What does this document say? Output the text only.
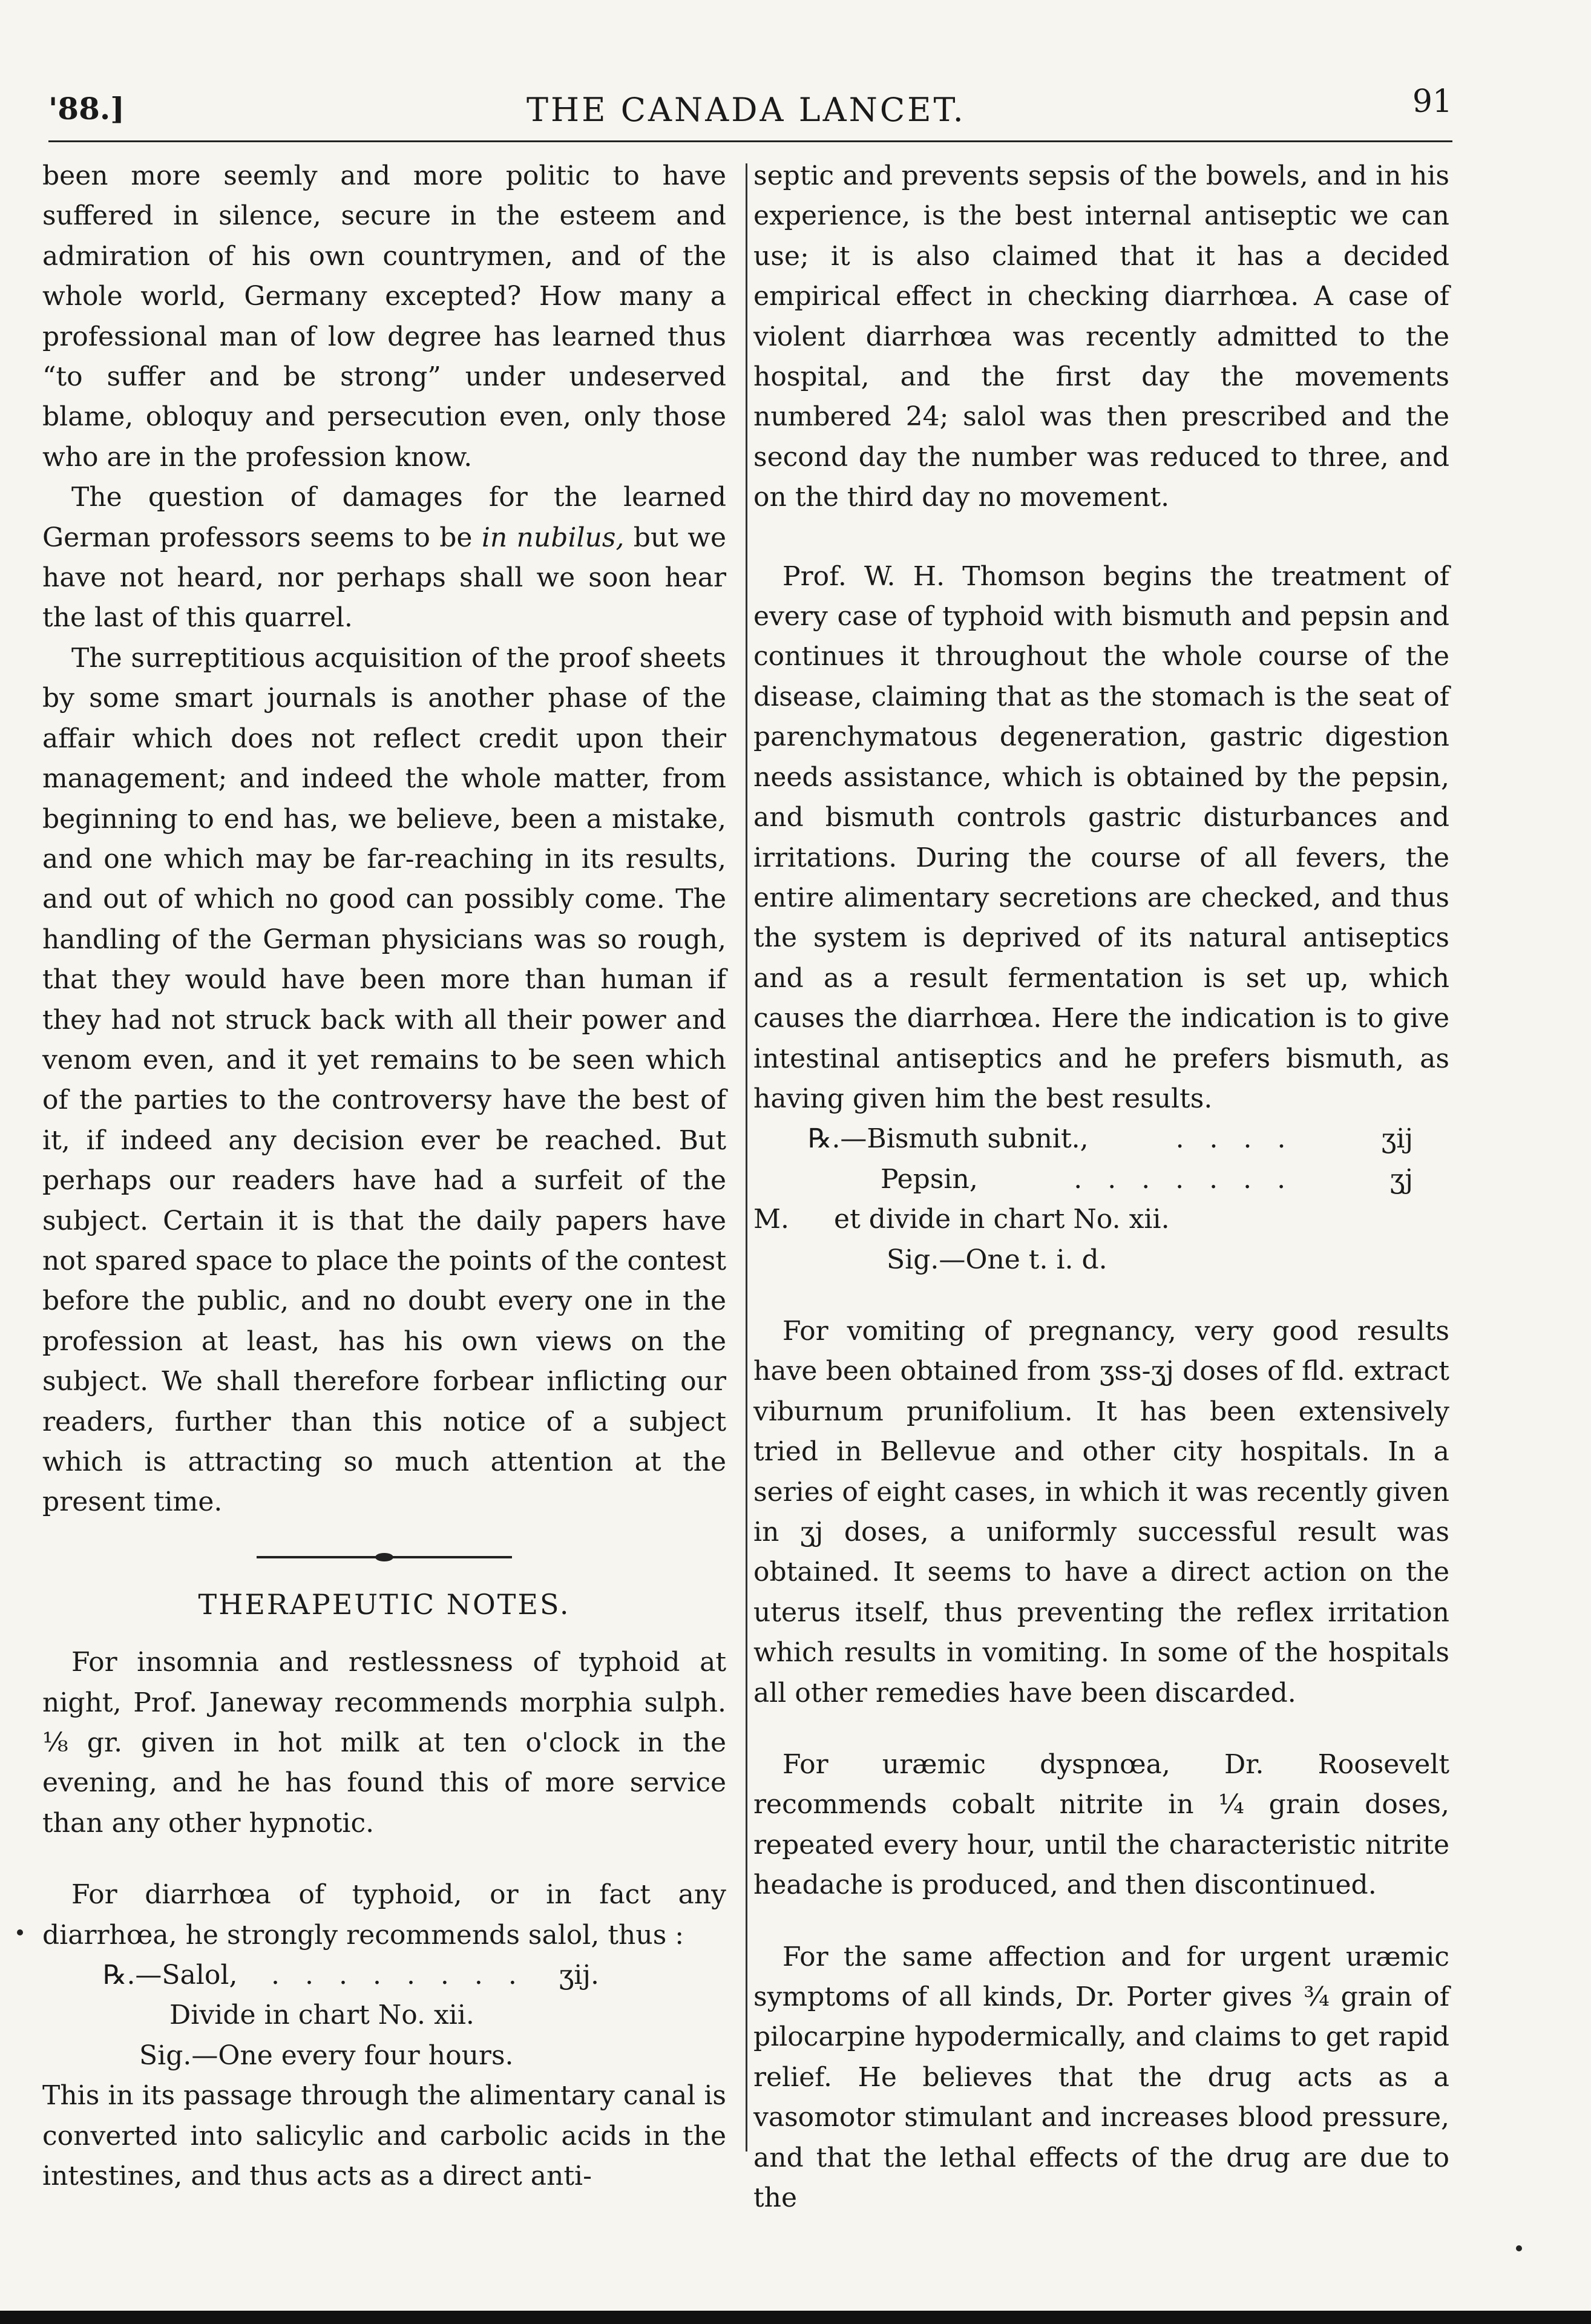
'88.]	THE CANADA LANCET.	91

been more seemly and more politic to have suffered in silence, secure in the esteem and admiration of his own countrymen, and of the whole world, Germany excepted? How many a professional man of low degree has learned thus “to suffer and be strong” under undeserved blame, obloquy and persecution even, only those who are in the profession know.

The question of damages for the learned German professors seems to be in nubilus, but we have not heard, nor perhaps shall we soon hear the last of this quarrel.

The surreptitious acquisition of the proof sheets by some smart journals is another phase of the affair which does not reflect credit upon their management; and indeed the whole matter, from beginning to end has, we believe, been a mistake, and one which may be far-reaching in its results, and out of which no good can possibly come. The handling of the German physicians was so rough, that they would have been more than human if they had not struck back with all their power and venom even, and it yet remains to be seen which of the parties to the controversy have the best of it, if indeed any decision ever be reached. But perhaps our readers have had a surfeit of the subject. Certain it is that the daily papers have not spared space to place the points of the contest before the public, and no doubt every one in the profession at least, has his own views on the subject. We shall therefore forbear inflicting our readers, further than this notice of a subject which is attracting so much attention at the present time.

THERAPEUTIC NOTES.

For insomnia and restlessness of typhoid at night, Prof. Janeway recommends morphia sulph. ⅛ gr. given in hot milk at ten o'clock in the evening, and he has found this of more service than any other hypnotic.

For diarrhœa of typhoid, or in fact any diarrhœa, he strongly recommends salol, thus :

℞.—Salol, . . . . . . . . ʒij.
Divide in chart No. xii.
Sig.—One every four hours.

This in its passage through the alimentary canal is converted into salicylic and carbolic acids in the intestines, and thus acts as a direct anti-

septic and prevents sepsis of the bowels, and in his experience, is the best internal antiseptic we can use; it is also claimed that it has a decided empirical effect in checking diarrhœa. A case of violent diarrhœa was recently admitted to the hospital, and the first day the movements numbered 24; salol was then prescribed and the second day the number was reduced to three, and on the third day no movement.

Prof. W. H. Thomson begins the treatment of every case of typhoid with bismuth and pepsin and continues it throughout the whole course of the disease, claiming that as the stomach is the seat of parenchymatous degeneration, gastric digestion needs assistance, which is obtained by the pepsin, and bismuth controls gastric disturbances and irritations. During the course of all fevers, the entire alimentary secretions are checked, and thus the system is deprived of its natural antiseptics and as a result fermentation is set up, which causes the diarrhœa. Here the indication is to give intestinal antiseptics and he prefers bismuth, as having given him the best results.

℞.—Bismuth subnit.,	. . . .	ʒij
Pepsin,	. . . . . . .	ʒj
M. et divide in chart No. xii.
Sig.—One t. i. d.

For vomiting of pregnancy, very good results have been obtained from ʒss-ʒj doses of fld. extract viburnum prunifolium. It has been extensively tried in Bellevue and other city hospitals. In a series of eight cases, in which it was recently given in ʒj doses, a uniformly successful result was obtained. It seems to have a direct action on the uterus itself, thus preventing the reflex irritation which results in vomiting. In some of the hospitals all other remedies have been discarded.

For uræmic dyspnœa, Dr. Roosevelt recommends cobalt nitrite in ¼ grain doses, repeated every hour, until the characteristic nitrite headache is produced, and then discontinued.

For the same affection and for urgent uræmic symptoms of all kinds, Dr. Porter gives ¾ grain of pilocarpine hypodermically, and claims to get rapid relief. He believes that the drug acts as a vasomotor stimulant and increases blood pressure, and that the lethal effects of the drug are due to the
